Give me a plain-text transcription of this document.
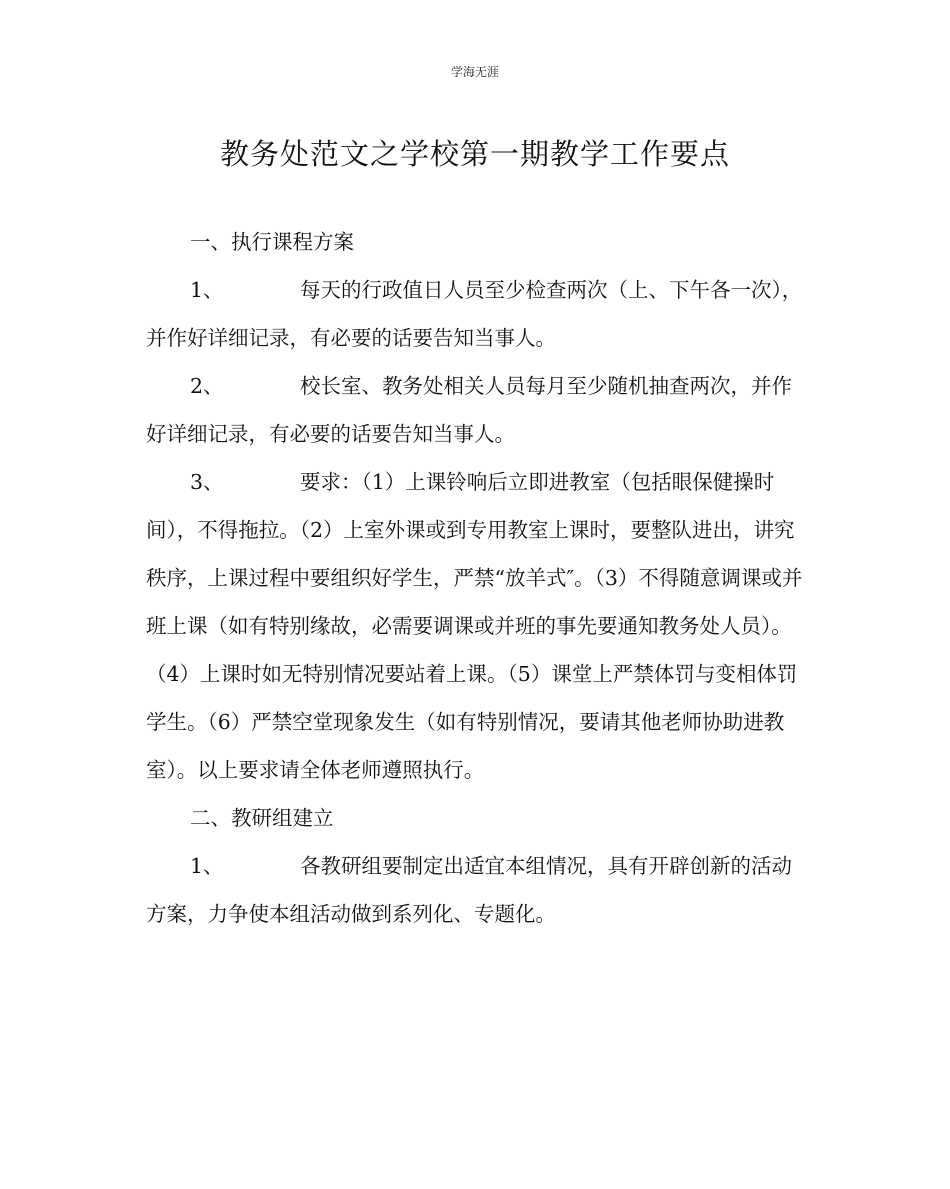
学海无涯
教务处范文之学校第一期教学工作要点

一、执行课程方案

1、	每天的行政值日人员至少检查两次（上、下午各一次），并作好详细记录，有必要的话要告知当事人。

2、	校长室、教务处相关人员每月至少随机抽查两次，并作好详细记录，有必要的话要告知当事人。

3、	要求：（1）上课铃响后立即进教室（包括眼保健操时间），不得拖拉。（2）上室外课或到专用教室上课时，要整队进出，讲究秩序，上课过程中要组织好学生，严禁“放羊式″。（3）不得随意调课或并班上课（如有特别缘故，必需要调课或并班的事先要通知教务处人员）。（4）上课时如无特别情况要站着上课。（5）课堂上严禁体罚与变相体罚学生。（6）严禁空堂现象发生（如有特别情况，要请其他老师协助进教室）。以上要求请全体老师遵照执行。

二、教研组建立

1、	各教研组要制定出适宜本组情况，具有开辟创新的活动方案，力争使本组活动做到系列化、专题化。
